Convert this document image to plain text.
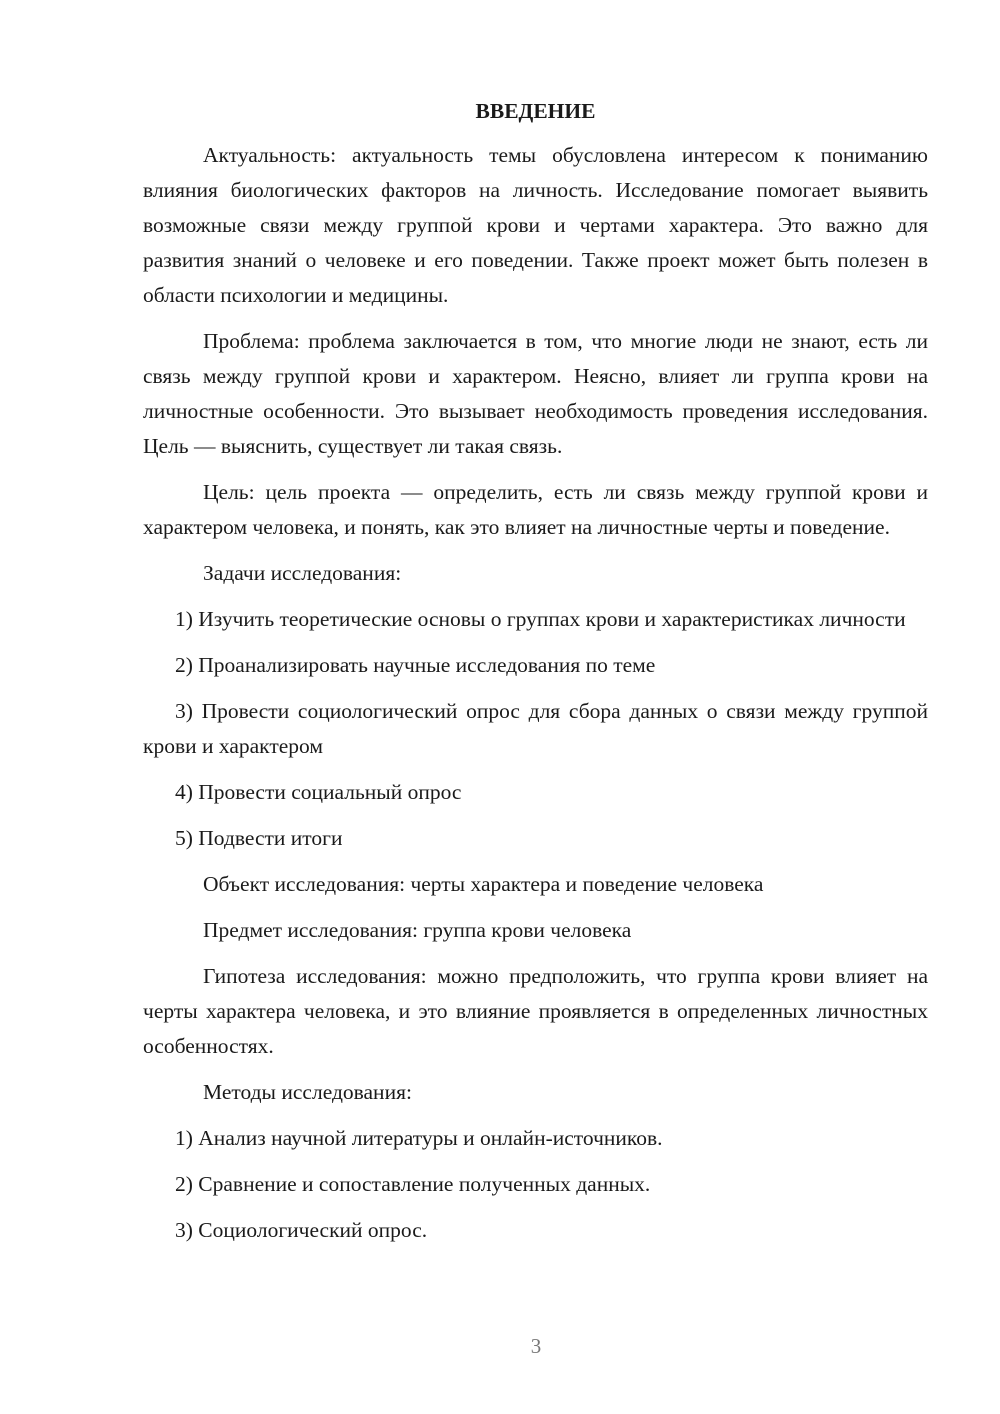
ВВЕДЕНИЕ

Актуальность: актуальность темы обусловлена интересом к пониманию влияния биологических факторов на личность. Исследование помогает выявить возможные связи между группой крови и чертами характера. Это важно для развития знаний о человеке и его поведении. Также проект может быть полезен в области психологии и медицины.

Проблема: проблема заключается в том, что многие люди не знают, есть ли связь между группой крови и характером. Неясно, влияет ли группа крови на личностные особенности. Это вызывает необходимость проведения исследования. Цель — выяснить, существует ли такая связь.

Цель: цель проекта — определить, есть ли связь между группой крови и характером человека, и понять, как это влияет на личностные черты и поведение.

Задачи исследования:

1) Изучить теоретические основы о группах крови и характеристиках личности

2) Проанализировать научные исследования по теме

3) Провести социологический опрос для сбора данных о связи между группой крови и характером

4) Провести социальный опрос

5) Подвести итоги

Объект исследования: черты характера и поведение человека

Предмет исследования: группа крови человека

Гипотеза исследования: можно предположить, что группа крови влияет на черты характера человека, и это влияние проявляется в определенных личностных особенностях.

Методы исследования:

1) Анализ научной литературы и онлайн-источников.

2) Сравнение и сопоставление полученных данных.

3) Социологический опрос.

3
